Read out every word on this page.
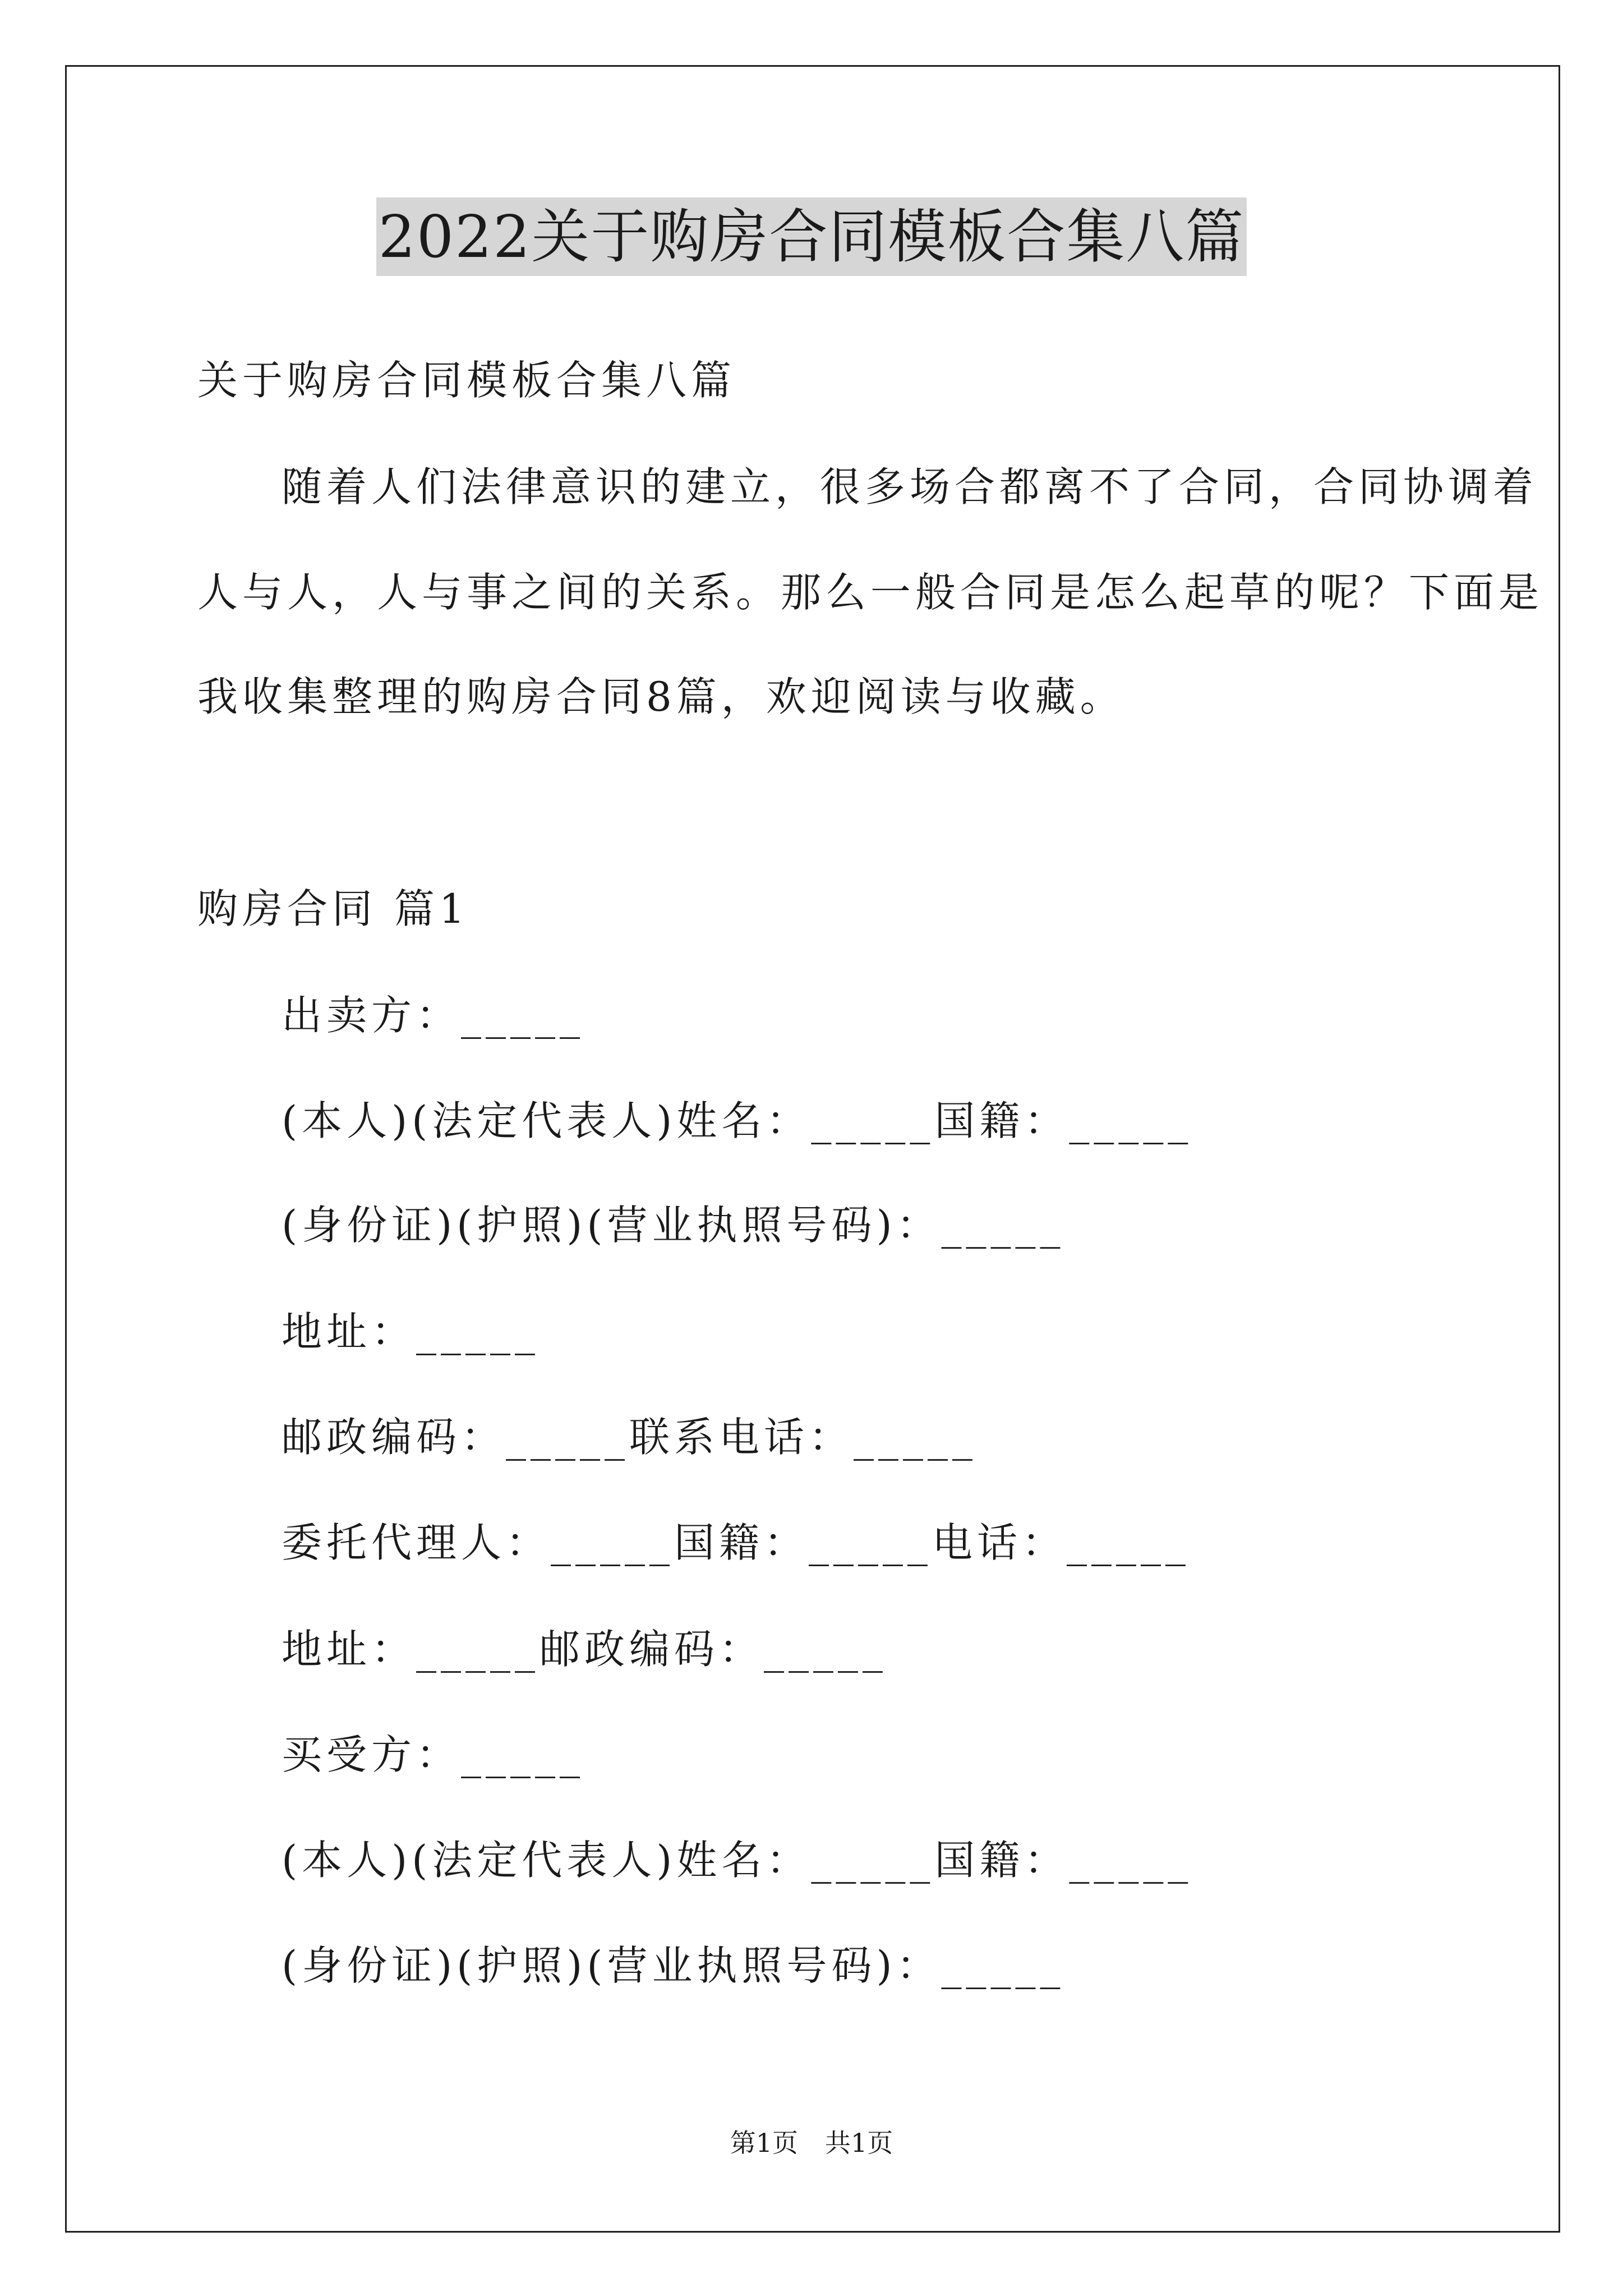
2022关于购房合同模板合集八篇
关于购房合同模板合集八篇
随着人们法律意识的建立，很多场合都离不了合同，合同协调着
人与人，人与事之间的关系。那么一般合同是怎么起草的呢？下面是
我收集整理的购房合同8篇，欢迎阅读与收藏。
购房合同 篇1
出卖方：_____
(本人)(法定代表人)姓名：_____国籍：_____
(身份证)(护照)(营业执照号码)：_____
地址：_____
邮政编码：_____联系电话：_____
委托代理人：_____国籍：_____电话：_____
地址：_____邮政编码：_____
买受方：_____
(本人)(法定代表人)姓名：_____国籍：_____
(身份证)(护照)(营业执照号码)：_____
第1页 共1页
